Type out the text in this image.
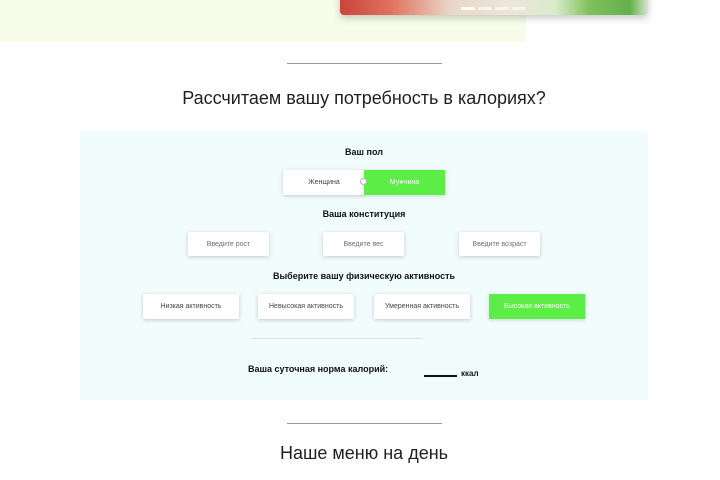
Рассчитаем вашу потребность в калориях?
Ваш пол
Женщина	Мужчина
Ваша конституция
Введите рост
Введите вес
Введите возраст
Выберите вашу физическую активность
Низкая активность	Невысокая активность	Умеренная активность	Высокая активность
Ваша суточная норма калорий:	ккал
Наше меню на день
